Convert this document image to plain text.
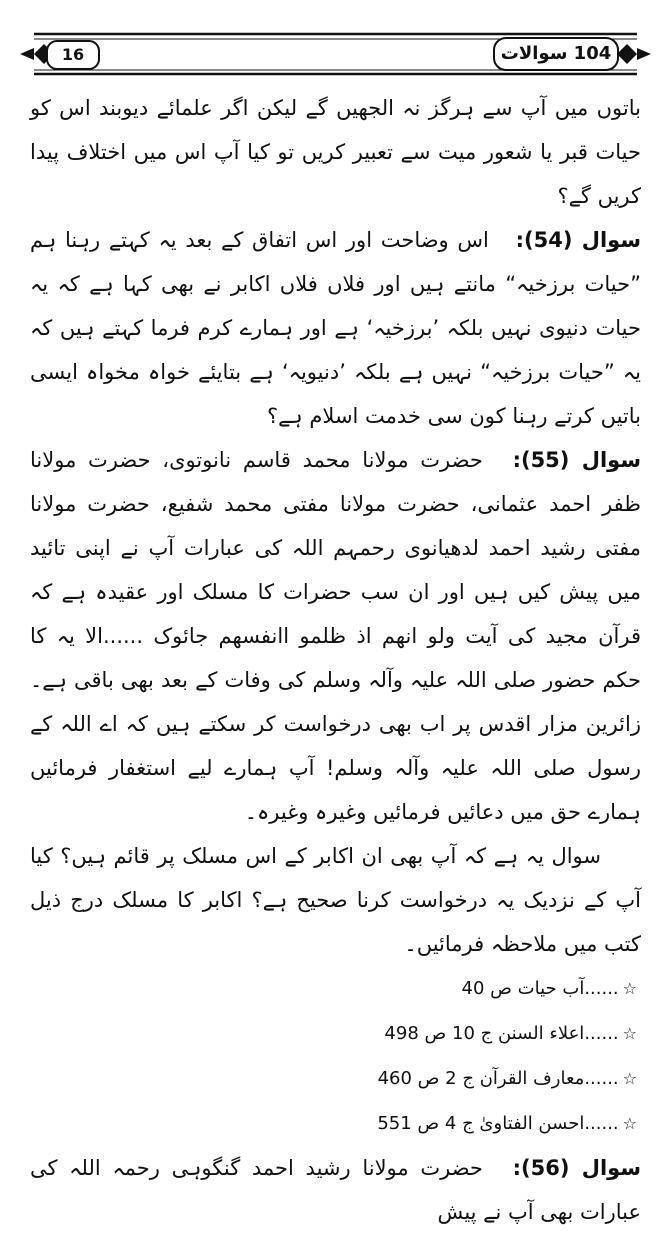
16	104 سوالات

باتوں میں آپ سے ہرگز نہ الجھیں گے لیکن اگر علمائے دیوبند اس کو حیات قبر یا شعور میت سے تعبیر کریں تو کیا آپ اس میں اختلاف پیدا کریں گے؟

سوال (54): اس وضاحت اور اس اتفاق کے بعد یہ کہتے رہنا ہم ”حیات برزخیہ“ مانتے ہیں اور فلاں فلاں اکابر نے بھی کہا ہے کہ یہ حیات دنیوی نہیں بلکہ ’برزخیہ‘ ہے اور ہمارے کرم فرما کہتے ہیں کہ یہ ”حیات برزخیہ“ نہیں ہے بلکہ ’دنیویہ‘ ہے بتایئے خواہ مخواہ ایسی باتیں کرتے رہنا کون سی خدمت اسلام ہے؟

سوال (55): حضرت مولانا محمد قاسم نانوتوی، حضرت مولانا ظفر احمد عثمانی، حضرت مولانا مفتی محمد شفیع، حضرت مولانا مفتی رشید احمد لدھیانوی رحمہم اللہ کی عبارات آپ نے اپنی تائید میں پیش کیں ہیں اور ان سب حضرات کا مسلک اور عقیدہ ہے کہ قرآن مجید کی آیت ولو انھم اذ ظلمو اانفسھم جائوک ......الا یہ کا حکم حضور صلی اللہ علیہ وآلہ وسلم کی وفات کے بعد بھی باقی ہے۔ زائرین مزار اقدس پر اب بھی درخواست کر سکتے ہیں کہ اے اللہ کے رسول صلی اللہ علیہ وآلہ وسلم! آپ ہمارے لیے استغفار فرمائیں ہمارے حق میں دعائیں فرمائیں وغیرہ وغیرہ۔

سوال یہ ہے کہ آپ بھی ان اکابر کے اس مسلک پر قائم ہیں؟ کیا آپ کے نزدیک یہ درخواست کرنا صحیح ہے؟ اکابر کا مسلک درج ذیل کتب میں ملاحظہ فرمائیں۔

☆......آب حیات ص 40
☆......اعلاء السنن ج 10 ص 498
☆......معارف القرآن ج 2 ص 460
☆......احسن الفتاویٰ ج 4 ص 551

سوال (56): حضرت مولانا رشید احمد گنگوہی رحمہ اللہ کی عبارات بھی آپ نے پیش
